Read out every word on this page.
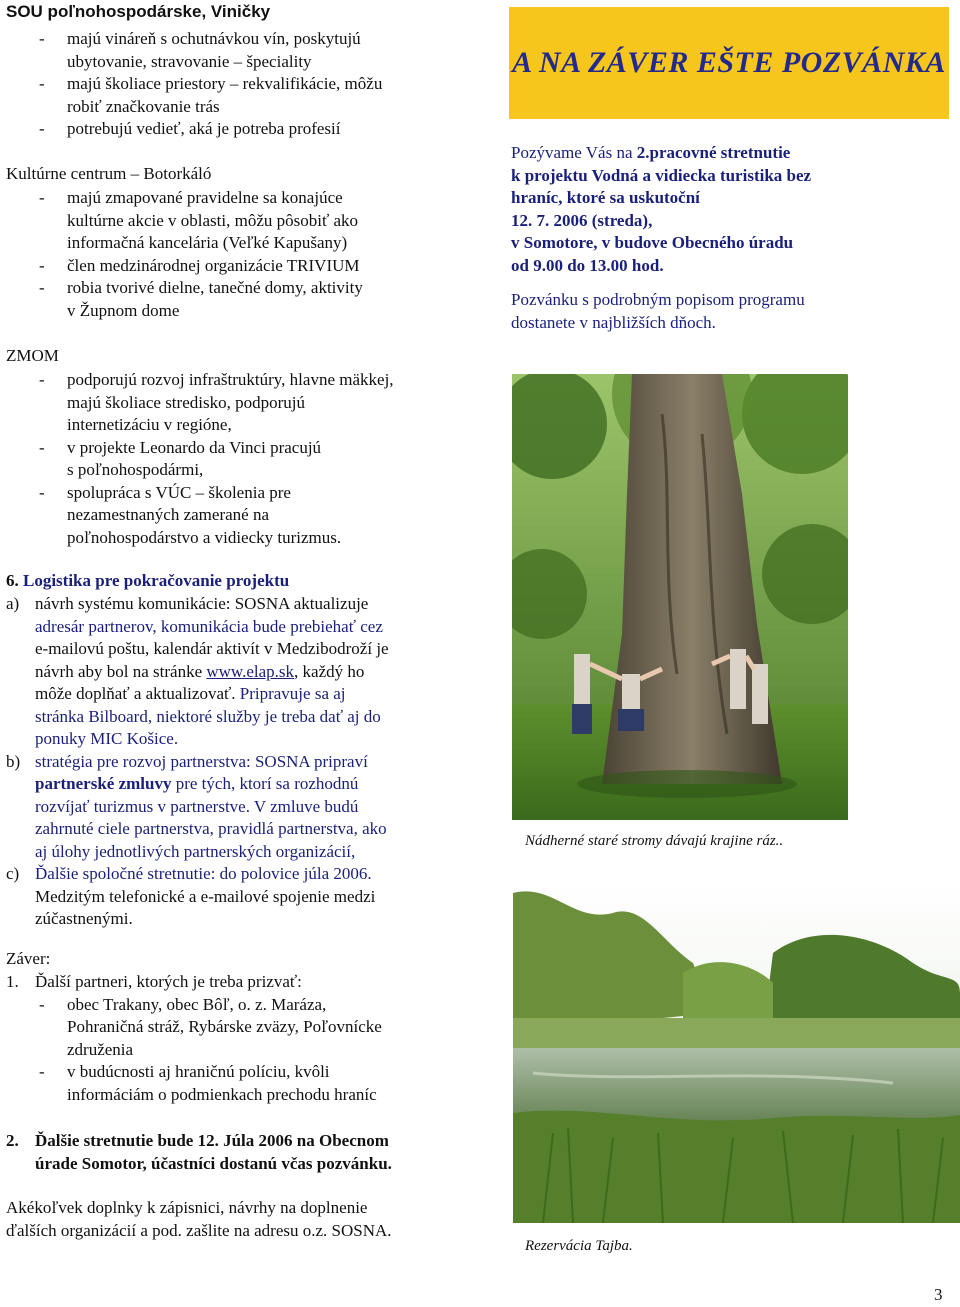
SOU poľnohospodárske, Viničky
- majú vináreň s ochutnávkou vín, poskytujú
ubytovanie, stravovanie – špeciality
- majú školiace priestory – rekvalifikácie, môžu
robiť značkovanie trás
- potrebujú vedieť, aká je potreba profesií
Kultúrne centrum – Botorkáló
- majú zmapované pravidelne sa konajúce
kultúrne akcie v oblasti, môžu pôsobiť ako
informačná kancelária (Veľké Kapušany)
- člen medzinárodnej organizácie TRIVIUM
- robia tvorivé dielne, tanečné domy, aktivity
v Župnom dome
ZMOM
- podporujú rozvoj infraštruktúry, hlavne mäkkej,
majú školiace stredisko, podporujú
internetizáciu v regióne,
- v projekte Leonardo da Vinci pracujú
s poľnohospodármi,
- spolupráca s VÚC – školenia pre
nezamestnaných zamerané na
poľnohospodárstvo a vidiecky turizmus.
6. Logistika pre pokračovanie projektu
a) návrh systému komunikácie: SOSNA aktualizuje
adresár partnerov, komunikácia bude prebiehať cez
e-mailovú poštu, kalendár aktivít v Medzibodroží je
návrh aby bol na stránke www.elap.sk, každý ho
môže doplňať a aktualizovať. Pripravuje sa aj
stránka Bilboard, niektoré služby je treba dať aj do
ponuky MIC Košice.
b) stratégia pre rozvoj partnerstva: SOSNA pripraví
partnerské zmluvy pre tých, ktorí sa rozhodnú
rozvíjať turizmus v partnerstve. V zmluve budú
zahrnuté ciele partnerstva, pravidlá partnerstva, ako
aj úlohy jednotlivých partnerských organizácií,
c) Ďalšie spoločné stretnutie: do polovice júla 2006.
Medzitým telefonické a e-mailové spojenie medzi
zúčastnenými.
Záver:
1. Ďalší partneri, ktorých je treba prizvať:
- obec Trakany, obec Bôľ, o. z. Maráza,
Pohraničná stráž, Rybárske zväzy, Poľovnícke
združenia
- v budúcnosti aj hraničnú políciu, kvôli
informáciám o podmienkach prechodu hraníc
2. Ďalšie stretnutie bude 12. Júla 2006 na Obecnom
úrade Somotor, účastníci dostanú včas pozvánku.
Akékoľvek doplnky k zápisnici, návrhy na doplnenie
ďalších organizácií a pod. zašlite na adresu o.z. SOSNA.
A NA ZÁVER EŠTE POZVÁNKA
Pozývame Vás na 2.pracovné stretnutie
k projektu Vodná a vidiecka turistika bez
hraníc, ktoré sa uskutoční
12. 7. 2006 (streda),
v Somotore, v budove Obecného úradu
od 9.00 do 13.00 hod.
Pozvánku s podrobným popisom programu
dostanete v najbližších dňoch.
Nádherné staré stromy dávajú krajine ráz..
Rezervácia Tajba.
3
